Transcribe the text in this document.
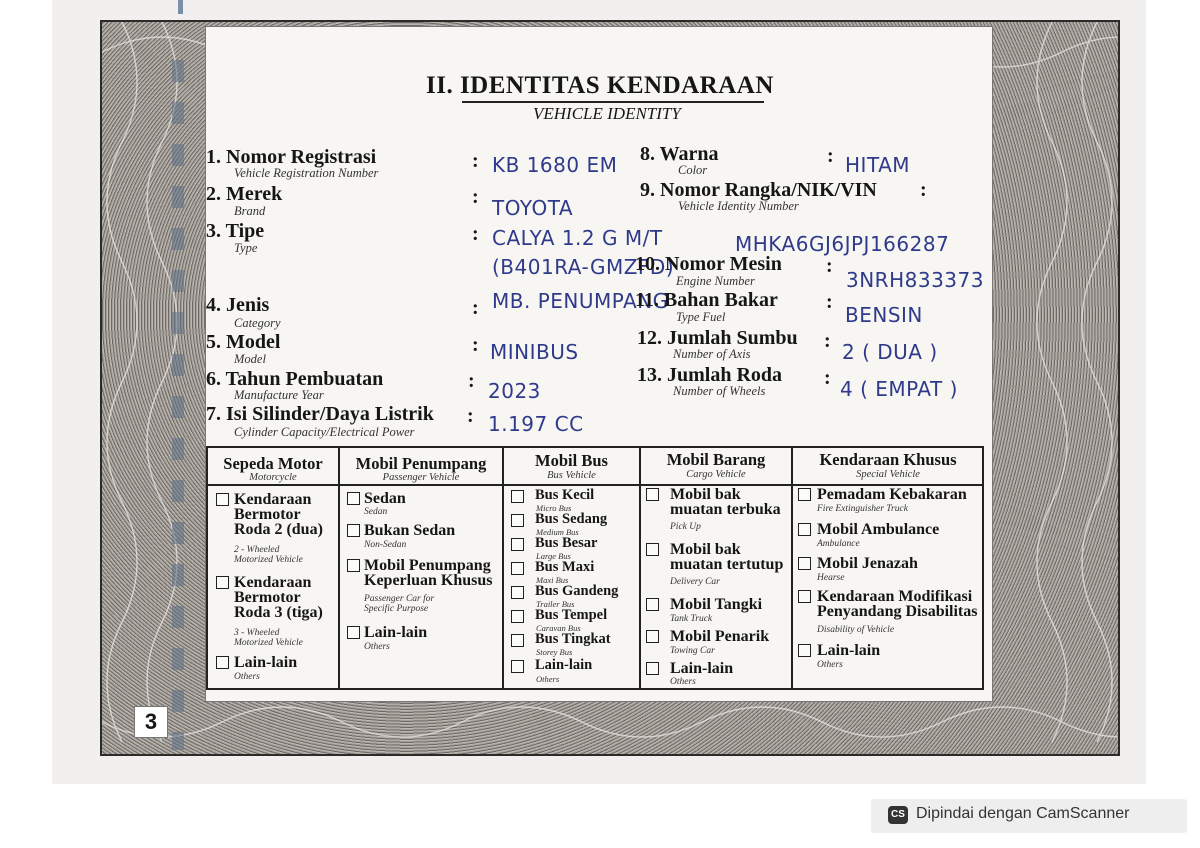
II. IDENTITAS KENDARAAN
VEHICLE IDENTITY
1. Nomor Registrasi
Vehicle Registration Number
: KB 1680 EM
2. Merek
Brand
: TOYOTA
3. Tipe
Type
: CALYA 1.2 G M/T
(B401RA-GMZFD)
4. Jenis
Category
: MB. PENUMPANG
5. Model
Model
: MINIBUS
6. Tahun Pembuatan
Manufacture Year
: 2023
7. Isi Silinder/Daya Listrik
Cylinder Capacity/Electrical Power
: 1.197 CC
8. Warna
Color
: HITAM
9. Nomor Rangka/NIK/VIN
Vehicle Identity Number
:
MHKA6GJ6JPJ166287
10. Nomor Mesin
Engine Number
:
3NRH833373
11. Bahan Bakar
Type Fuel
:
BENSIN
12. Jumlah Sumbu
Number of Axis
: 2 ( DUA )
13. Jumlah Roda
Number of Wheels
: 4 ( EMPAT )
Sepeda Motor
Motorcycle
Mobil Penumpang
Passenger Vehicle
Mobil Bus
Bus Vehicle
Mobil Barang
Cargo Vehicle
Kendaraan Khusus
Special Vehicle
Kendaraan
Bermotor
Roda 2 (dua)
2 - Wheeled
Motorized Vehicle
Kendaraan
Bermotor
Roda 3 (tiga)
3 - Wheeled
Motorized Vehicle
Lain-lain
Others
Sedan
Sedan
Bukan Sedan
Non-Sedan
Mobil Penumpang
Keperluan Khusus
Passenger Car for
Specific Purpose
Lain-lain
Others
Bus Kecil
Micro Bus
Bus Sedang
Medium Bus
Bus Besar
Large Bus
Bus Maxi
Maxi Bus
Bus Gandeng
Trailer Bus
Bus Tempel
Caravan Bus
Bus Tingkat
Storey Bus
Lain-lain
Others
Mobil bak
muatan terbuka
Pick Up
Mobil bak
muatan tertutup
Delivery Car
Mobil Tangki
Tank Truck
Mobil Penarik
Towing Car
Lain-lain
Others
Pemadam Kebakaran
Fire Extinguisher Truck
Mobil Ambulance
Ambulance
Mobil Jenazah
Hearse
Kendaraan Modifikasi
Penyandang Disabilitas
Disability of Vehicle
Lain-lain
Others
3
CS Dipindai dengan CamScanner
